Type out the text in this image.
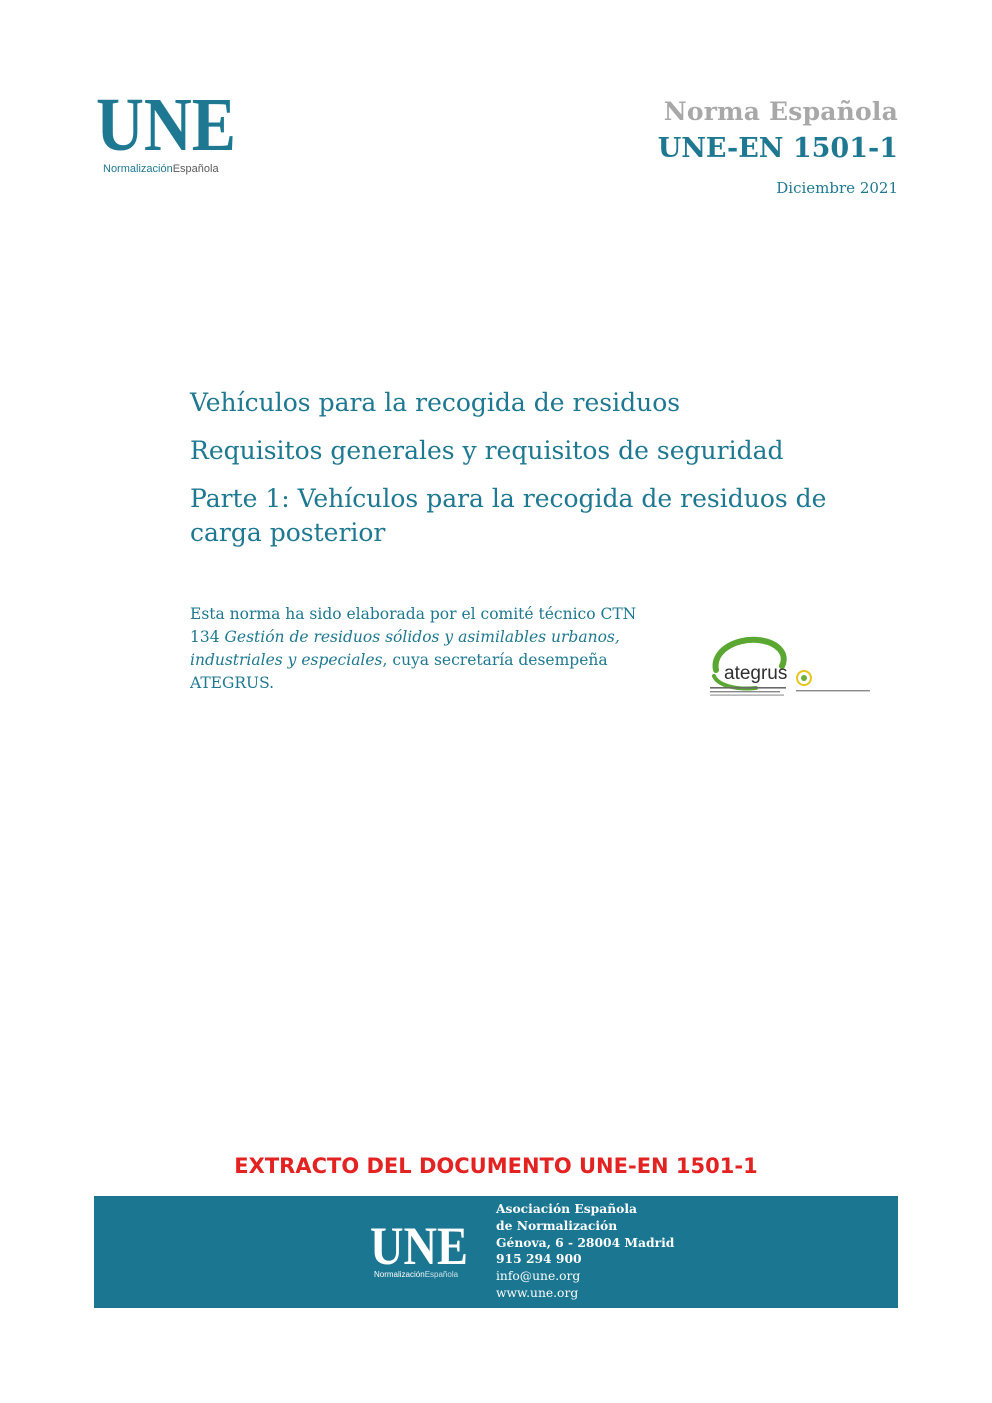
UNE
NormalizaciónEspañola
Norma Española
UNE-EN 1501-1
Diciembre 2021
Vehículos para la recogida de residuos
Requisitos generales y requisitos de seguridad
Parte 1: Vehículos para la recogida de residuos de carga posterior
Esta norma ha sido elaborada por el comité técnico CTN 134 Gestión de residuos sólidos y asimilables urbanos, industriales y especiales, cuya secretaría desempeña ATEGRUS.	ategrus
EXTRACTO DEL DOCUMENTO UNE-EN 1501-1
UNE
NormalizaciónEspañola
Asociación Española
de Normalización
Génova, 6 - 28004 Madrid
915 294 900
info@une.org
www.une.org
